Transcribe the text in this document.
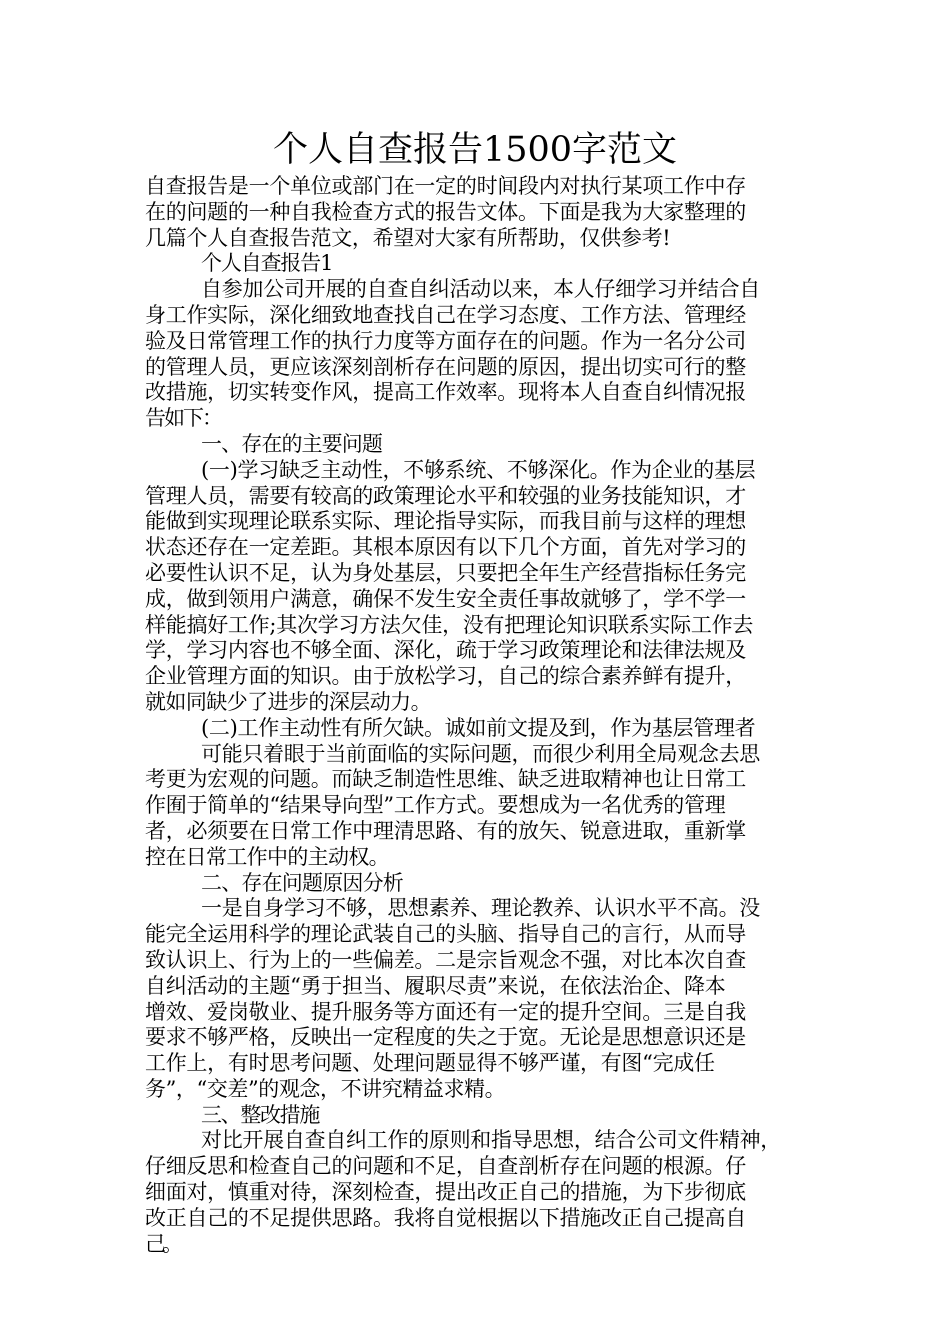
个人自查报告1500字范文
自查报告是一个单位或部门在一定的时间段内对执行某项工作中存
在的问题的一种自我检查方式的报告文体。下面是我为大家整理的
几篇个人自查报告范文，希望对大家有所帮助，仅供参考!
个人自查报告1
自参加公司开展的自查自纠活动以来，本人仔细学习并结合自
身工作实际，深化细致地查找自己在学习态度、工作方法、管理经
验及日常管理工作的执行力度等方面存在的问题。作为一名分公司
的管理人员，更应该深刻剖析存在问题的原因，提出切实可行的整
改措施，切实转变作风，提高工作效率。现将本人自查自纠情况报
告如下：
一、存在的主要问题
(一)学习缺乏主动性，不够系统、不够深化。作为企业的基层
管理人员，需要有较高的政策理论水平和较强的业务技能知识，才
能做到实现理论联系实际、理论指导实际，而我目前与这样的理想
状态还存在一定差距。其根本原因有以下几个方面，首先对学习的
必要性认识不足，认为身处基层，只要把全年生产经营指标任务完
成，做到领用户满意，确保不发生安全责任事故就够了，学不学一
样能搞好工作;其次学习方法欠佳，没有把理论知识联系实际工作去
学，学习内容也不够全面、深化，疏于学习政策理论和法律法规及
企业管理方面的知识。由于放松学习，自己的综合素养鲜有提升，
就如同缺少了进步的深层动力。
(二)工作主动性有所欠缺。诚如前文提及到，作为基层管理者
可能只着眼于当前面临的实际问题，而很少利用全局观念去思
考更为宏观的问题。而缺乏制造性思维、缺乏进取精神也让日常工
作囿于简单的“结果导向型”工作方式。要想成为一名优秀的管理
者，必须要在日常工作中理清思路、有的放矢、锐意进取，重新掌
控在日常工作中的主动权。
二、存在问题原因分析
一是自身学习不够，思想素养、理论教养、认识水平不高。没
能完全运用科学的理论武装自己的头脑、指导自己的言行，从而导
致认识上、行为上的一些偏差。二是宗旨观念不强，对比本次自查
自纠活动的主题“勇于担当、履职尽责”来说，在依法治企、降本
增效、爱岗敬业、提升服务等方面还有一定的提升空间。三是自我
要求不够严格，反映出一定程度的失之于宽。无论是思想意识还是
工作上，有时思考问题、处理问题显得不够严谨，有图“完成任
务”，“交差”的观念，不讲究精益求精。
三、整改措施
对比开展自查自纠工作的原则和指导思想，结合公司文件精神，
仔细反思和检查自己的问题和不足，自查剖析存在问题的根源。仔
细面对，慎重对待，深刻检查，提出改正自己的措施，为下步彻底
改正自己的不足提供思路。我将自觉根据以下措施改正自己提高自
己。
